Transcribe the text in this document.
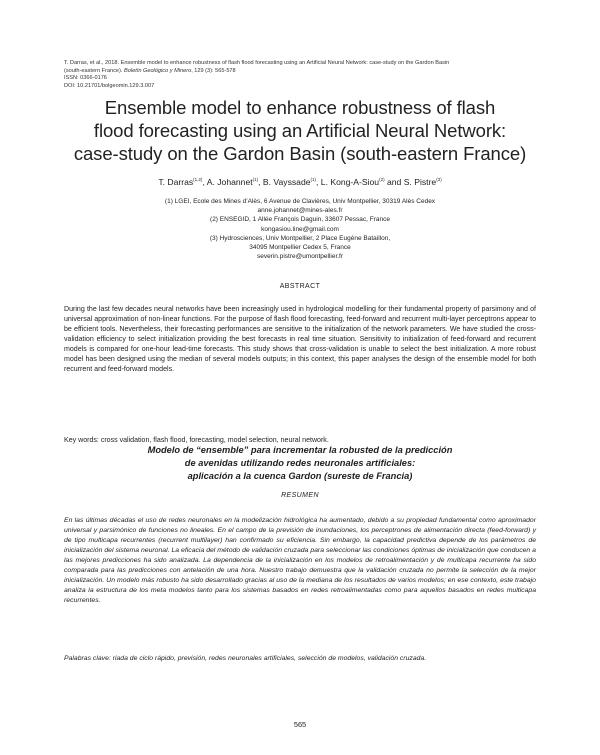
T. Darras, et al., 2018. Ensemble model to enhance robustness of flash flood forecasting using an Artificial Neural Network: case-study on the Gardon Basin
(south-eastern France). Boletín Geológico y Minero, 129 (3): 565-578
ISSN: 0366-0176
DOI: 10.21701/bolgeomin.129.3.007
Ensemble model to enhance robustness of flash
flood forecasting using an Artificial Neural Network:
case-study on the Gardon Basin (south-eastern France)
T. Darras$^{(1,2)}$, A. Johannet$^{(1)}$, B. Vayssade$^{(1)}$, L. Kong-A-Siou$^{(2)}$ and S. Pistre$^{(3)}$
(1) LGEI, Ecole des Mines d’Alès, 6 Avenue de Clavières, Univ Montpellier, 30319 Alès Cedex
anne.johannet@mines-ales.fr
(2) ENSEGID, 1 Allée François Daguin, 33607 Pessac, France
kongasiou.line@gmail.com
(3) Hydrosciences, Univ Montpellier, 2 Place Eugène Bataillon,
34095 Montpellier Cedex 5, France
severin.pistre@umontpellier.fr
ABSTRACT
During the last few decades neural networks have been increasingly used in hydrological modelling for their fundamental property of parsimony and of universal approximation of non-linear functions. For the purpose of flash flood forecasting, feed-forward and recurrent multi-layer perceptrons appear to be efficient tools. Nevertheless, their forecasting performances are sensitive to the initialization of the network parameters. We have studied the cross-validation efficiency to select initialization providing the best forecasts in real time situation. Sensitivity to initialization of feed-forward and recurrent models is compared for one-hour lead-time forecasts. This study shows that cross-validation is unable to select the best initialization. A more robust model has been designed using the median of several models outputs; in this context, this paper analyses the design of the ensemble model for both recurrent and feed-forward models.
Key words: cross validation, flash flood, forecasting, model selection, neural network.
Modelo de “ensemble” para incrementar la robusted de la predicción
de avenidas utilizando redes neuronales artificiales:
aplicación a la cuenca Gardon (sureste de Francia)
RESUMEN
En las últimas décadas el uso de redes neuronales en la modelización hidrológica ha aumentado, debido a su propiedad fundamental como aproximador universal y parsimónico de funciones no lineales. En el campo de la previsión de inundaciones, los perceptrones de alimentación directa (feed-forward) y de tipo multicapa recurrentes (recurrent multilayer) han confirmado su eficiencia. Sin embargo, la capacidad predictiva depende de los parámetros de inicialización del sistema neuronal. La eficacia del método de validación cruzada para seleccionar las condiciones óptimas de inicialización que conducen a las mejores predicciones ha sido analizada. La dependencia de la inicialización en los modelos de retroalimentación y de multicapa recurrente ha sido comparada para las predicciones con antelación de una hora. Nuestro trabajo demuestra que la validación cruzada no permite la selección de la mejor inicialización. Un modelo más robusto ha sido desarrollado gracias al uso de la mediana de los resultados de varios modelos; en ese contexto, este trabajo analiza la estructura de los meta modelos tanto para los sistemas basados en redes retroalimentadas como para aquellos basados en redes multicapa recurrentes.
Palabras clave: riada de ciclo rápido, previsión, redes neuronales artificiales, selección de modelos, validación cruzada.
565
